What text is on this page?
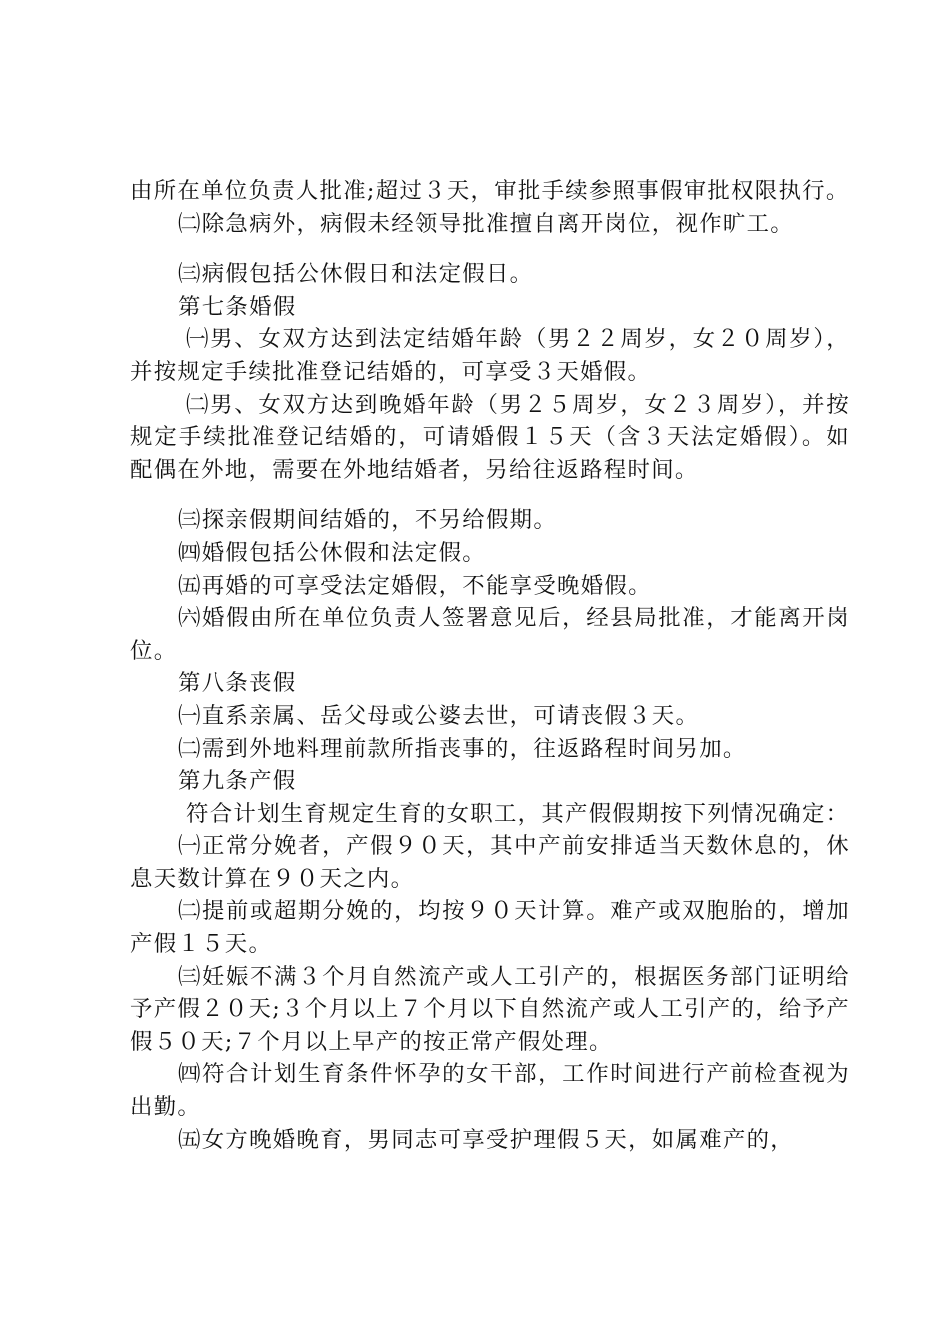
由所在单位负责人批准;超过３天，审批手续参照事假审批权限执行。

㈡除急病外，病假未经领导批准擅自离开岗位，视作旷工。

㈢病假包括公休假日和法定假日。

第七条婚假

㈠男、女双方达到法定结婚年龄（男２２周岁，女２０周岁），并按规定手续批准登记结婚的，可享受３天婚假。

㈡男、女双方达到晚婚年龄（男２５周岁，女２３周岁），并按规定手续批准登记结婚的，可请婚假１５天（含３天法定婚假）。如配偶在外地，需要在外地结婚者，另给往返路程时间。

㈢探亲假期间结婚的，不另给假期。

㈣婚假包括公休假和法定假。

㈤再婚的可享受法定婚假，不能享受晚婚假。

㈥婚假由所在单位负责人签署意见后，经县局批准，才能离开岗位。

第八条丧假

㈠直系亲属、岳父母或公婆去世，可请丧假３天。

㈡需到外地料理前款所指丧事的，往返路程时间另加。

第九条产假

符合计划生育规定生育的女职工，其产假假期按下列情况确定：

㈠正常分娩者，产假９０天，其中产前安排适当天数休息的，休息天数计算在９０天之内。

㈡提前或超期分娩的，均按９０天计算。难产或双胞胎的，增加产假１５天。

㈢妊娠不满３个月自然流产或人工引产的，根据医务部门证明给予产假２０天;３个月以上７个月以下自然流产或人工引产的，给予产假５０天;７个月以上早产的按正常产假处理。

㈣符合计划生育条件怀孕的女干部，工作时间进行产前检查视为出勤。

㈤女方晚婚晚育，男同志可享受护理假５天，如属难产的，
